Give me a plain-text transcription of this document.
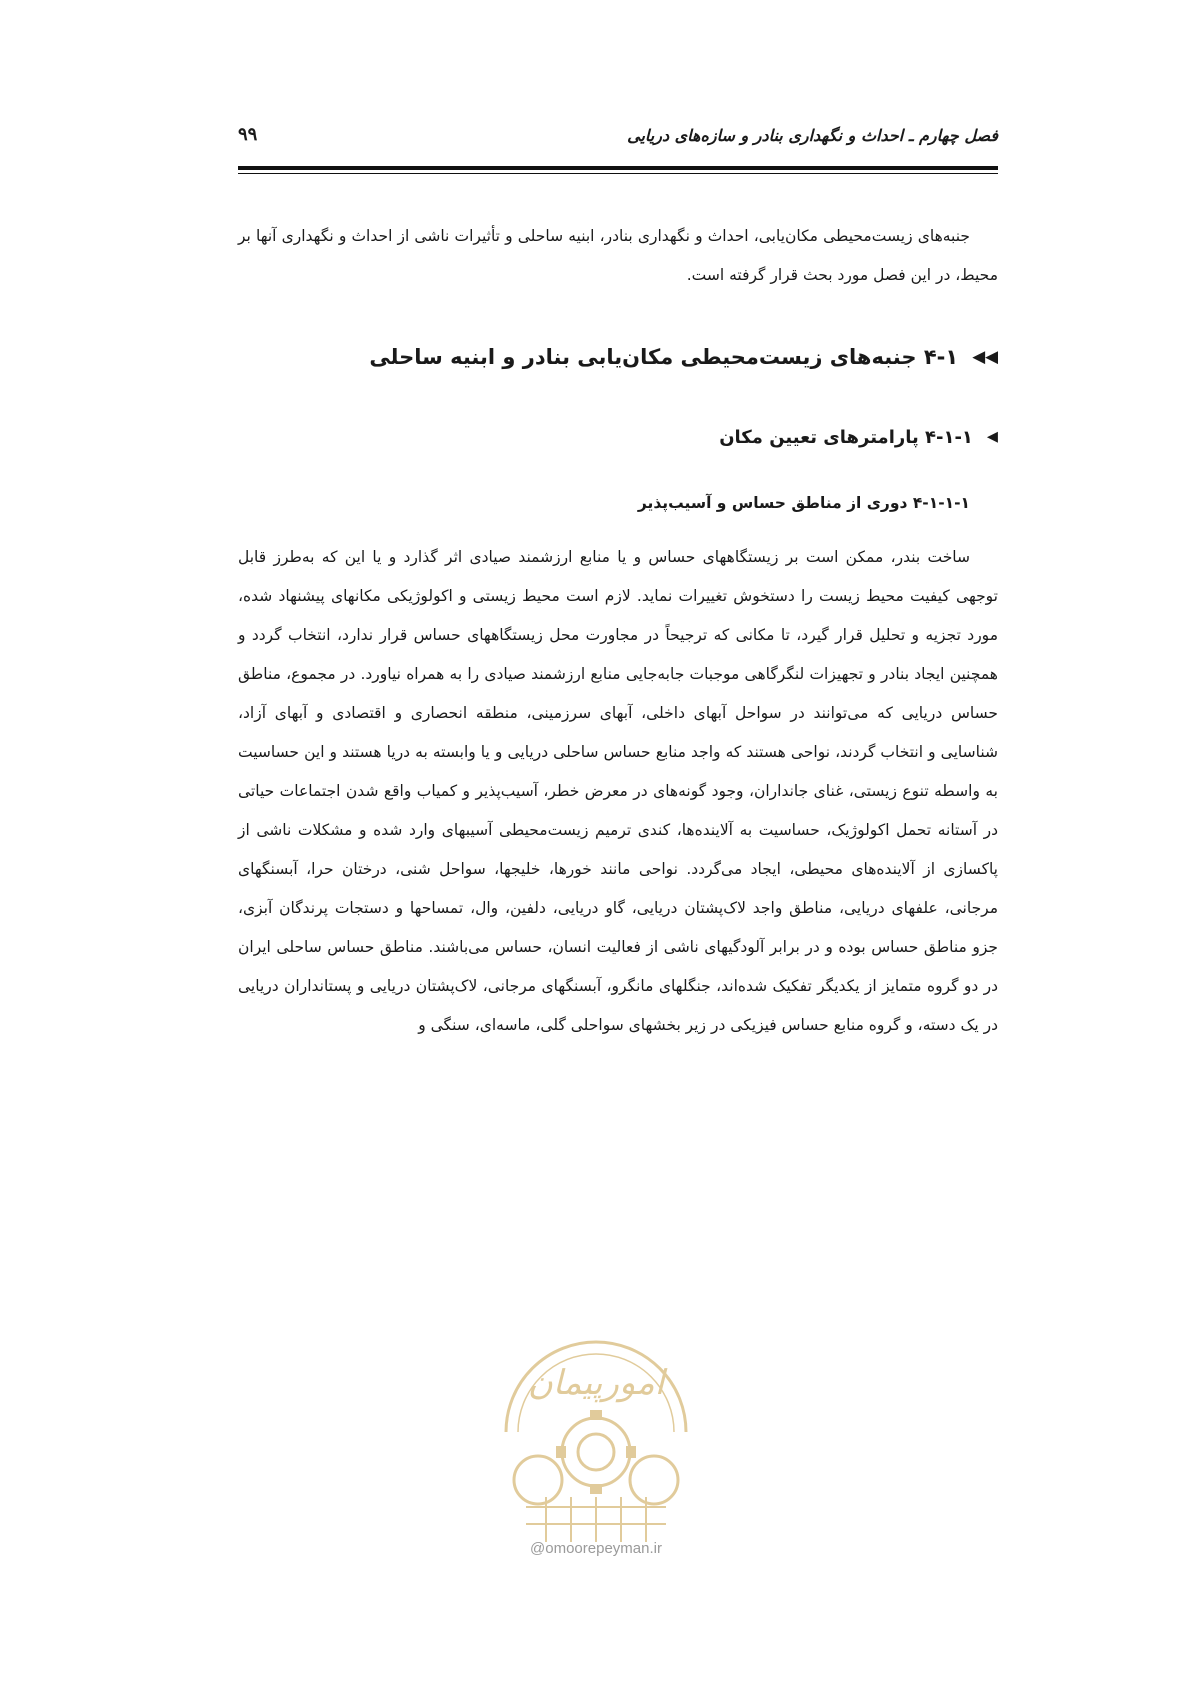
فصل چهارم ـ احداث و نگهداری بنادر و سازه‌های دریایی
۹۹

جنبه‌های زیست‌محیطی مکان‌یابی، احداث و نگهداری بنادر، ابنیه ساحلی و تأثیرات ناشی از احداث و نگهداری آنها بر محیط، در این فصل مورد بحث قرار گرفته است.

◀◀۴-۱ جنبه‌های زیست‌محیطی مکان‌یابی بنادر و ابنیه ساحلی
◀۴-۱-۱ پارامترهای تعیین مکان
۴-۱-۱-۱ دوری از مناطق حساس و آسیب‌پذیر

ساخت بندر، ممکن است بر زیستگاههای حساس و یا منابع ارزشمند صیادی اثر گذارد و یا این که به‌طرز قابل توجهی کیفیت محیط زیست را دستخوش تغییرات نماید. لازم است محیط زیستی و اکولوژیکی مکانهای پیشنهاد شده، مورد تجزیه و تحلیل قرار گیرد، تا مکانی که ترجیحاً در مجاورت محل زیستگاههای حساس قرار ندارد، انتخاب گردد و همچنین ایجاد بنادر و تجهیزات لنگرگاهی موجبات جابه‌جایی منابع ارزشمند صیادی را به همراه نیاورد. در مجموع، مناطق حساس دریایی که می‌توانند در سواحل آبهای داخلی، آبهای سرزمینی، منطقه انحصاری و اقتصادی و آبهای آزاد، شناسایی و انتخاب گردند، نواحی هستند که واجد منابع حساس ساحلی دریایی و یا وابسته به دریا هستند و این حساسیت به واسطه تنوع زیستی، غنای جانداران، وجود گونه‌های در معرض خطر، آسیب‌پذیر و کمیاب واقع شدن اجتماعات حیاتی در آستانه تحمل اکولوژیک، حساسیت به آلاینده‌ها، کندی ترمیم زیست‌محیطی آسیبهای وارد شده و مشکلات ناشی از پاکسازی از آلاینده‌های محیطی، ایجاد می‌گردد. نواحی مانند خورها، خلیجها، سواحل شنی، درختان حرا، آبسنگهای مرجانی، علفهای دریایی، مناطق واجد لاک‌پشتان دریایی، گاو دریایی، دلفین، وال، تمساحها و دستجات پرندگان آبزی، جزو مناطق حساس بوده و در برابر آلودگیهای ناشی از فعالیت انسان، حساس می‌باشند. مناطق حساس ساحلی ایران در دو گروه متمایز از یکدیگر تفکیک شده‌اند، جنگلهای مانگرو، آبسنگهای مرجانی، لاک‌پشتان دریایی و پستانداران دریایی در یک دسته، و گروه منابع حساس فیزیکی در زیر بخشهای سواحلی گلی، ماسه‌ای، سنگی و

امورپیمان
@omoorepeyman.ir
